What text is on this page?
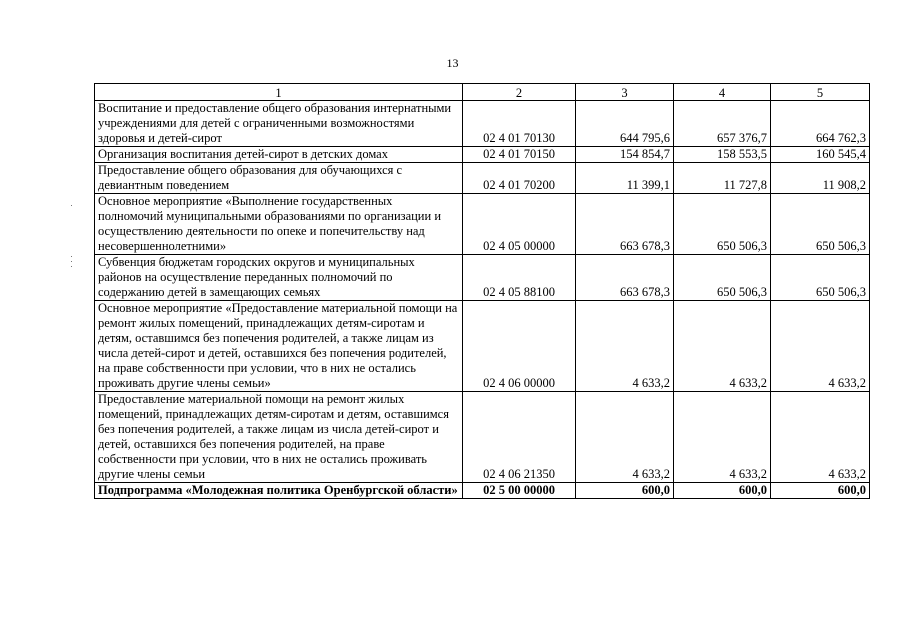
13
1	2	3	4	5
Воспитание и предоставление общего образования интернатными учреждениями для детей с ограниченными возможностями здоровья и детей-сирот	02 4 01 70130	644 795,6	657 376,7	664 762,3
Организация воспитания детей-сирот в детских домах	02 4 01 70150	154 854,7	158 553,5	160 545,4
Предоставление общего образования для обучающихся с девиантным поведением	02 4 01 70200	11 399,1	11 727,8	11 908,2
Основное мероприятие «Выполнение государственных полномочий муниципальными образованиями по организации и осуществлению деятельности по опеке и попечительству над несовершеннолетними»	02 4 05 00000	663 678,3	650 506,3	650 506,3
Субвенция бюджетам городских округов и муниципальных районов на осуществление переданных полномочий по содержанию детей в замещающих семьях	02 4 05 88100	663 678,3	650 506,3	650 506,3
Основное мероприятие «Предоставление материальной помощи на ремонт жилых помещений, принадлежащих детям-сиротам и детям, оставшимся без попечения родителей, а также лицам из числа детей-сирот и детей, оставшихся без попечения родителей, на праве собственности при условии, что в них не остались проживать другие члены семьи»	02 4 06 00000	4 633,2	4 633,2	4 633,2
Предоставление материальной помощи на ремонт жилых помещений, принадлежащих детям-сиротам и детям, оставшимся без попечения родителей, а также лицам из числа детей-сирот и детей, оставшихся без попечения родителей, на праве собственности при условии, что в них не остались проживать другие члены семьи	02 4 06 21350	4 633,2	4 633,2	4 633,2
Подпрограмма «Молодежная политика Оренбургской области»	02 5 00 00000	600,0	600,0	600,0
